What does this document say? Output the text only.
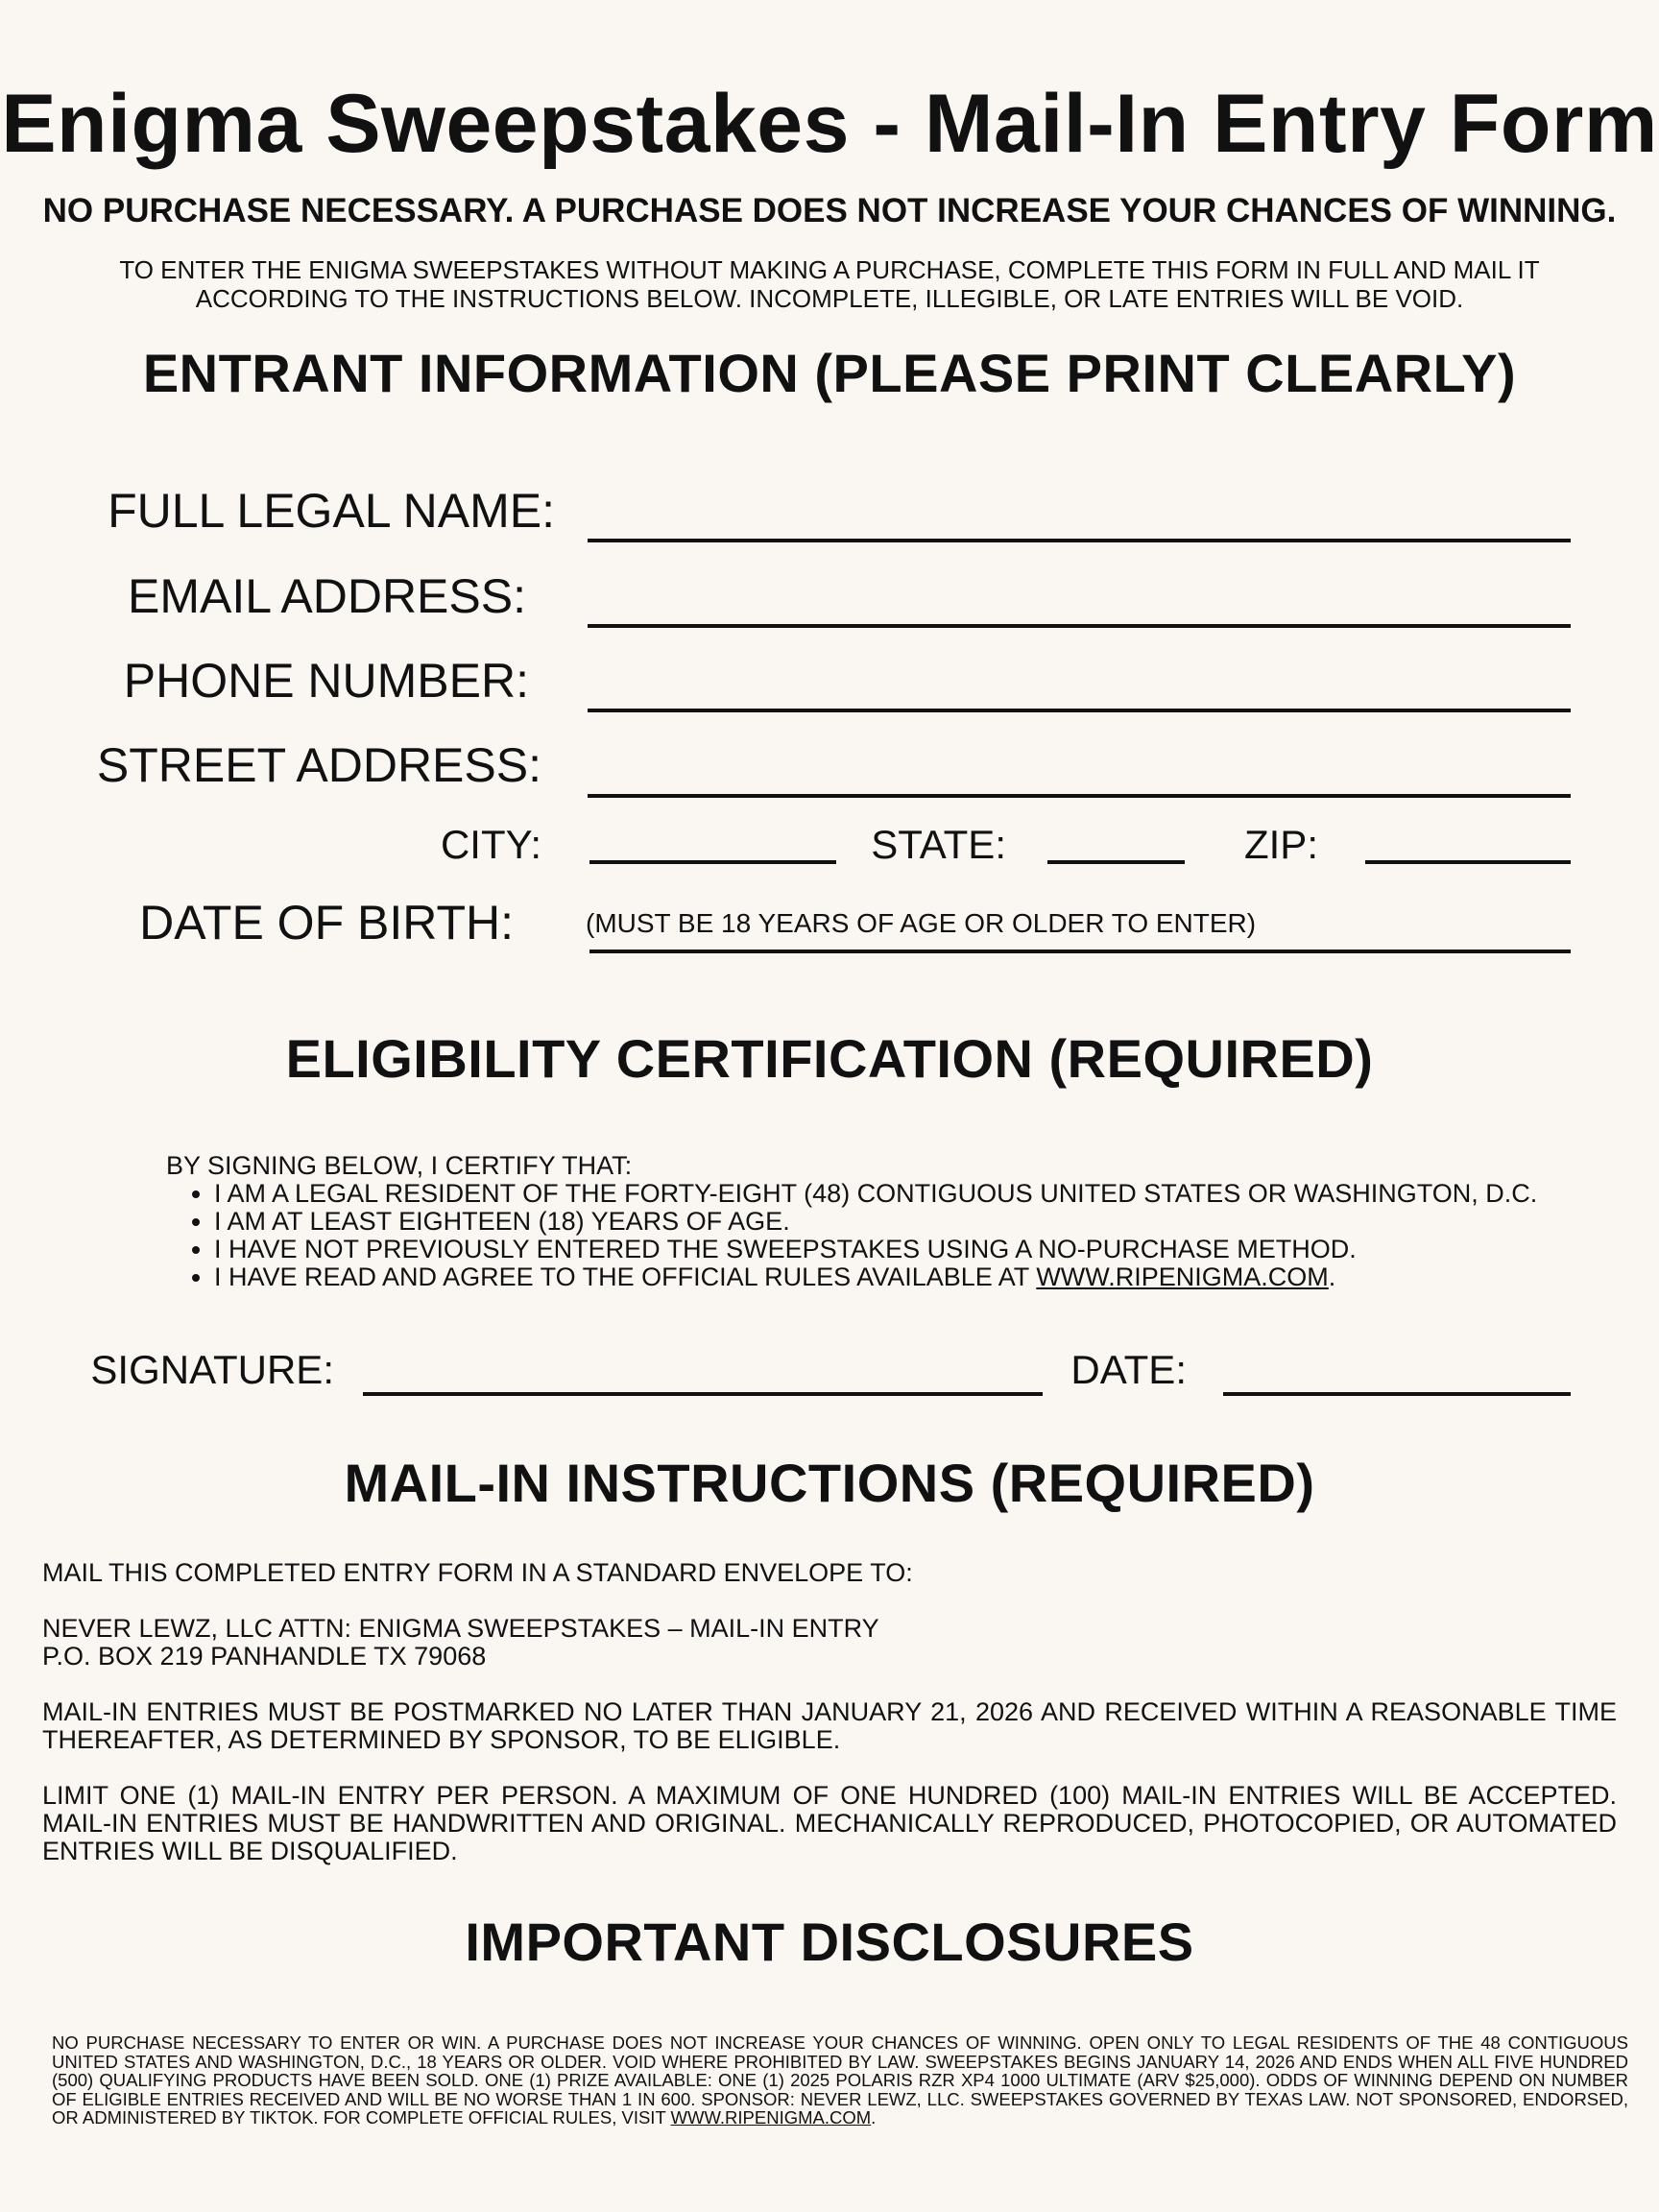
Enigma Sweepstakes - Mail-In Entry Form
NO PURCHASE NECESSARY. A PURCHASE DOES NOT INCREASE YOUR CHANCES OF WINNING.
TO ENTER THE ENIGMA SWEEPSTAKES WITHOUT MAKING A PURCHASE, COMPLETE THIS FORM IN FULL AND MAIL IT
ACCORDING TO THE INSTRUCTIONS BELOW. INCOMPLETE, ILLEGIBLE, OR LATE ENTRIES WILL BE VOID.
ENTRANT INFORMATION (PLEASE PRINT CLEARLY)
FULL LEGAL NAME:
EMAIL ADDRESS:
PHONE NUMBER:
STREET ADDRESS:
CITY:	STATE:	ZIP:
DATE OF BIRTH:	(MUST BE 18 YEARS OF AGE OR OLDER TO ENTER)
ELIGIBILITY CERTIFICATION (REQUIRED)
BY SIGNING BELOW, I CERTIFY THAT:
• I AM A LEGAL RESIDENT OF THE FORTY-EIGHT (48) CONTIGUOUS UNITED STATES OR WASHINGTON, D.C.
• I AM AT LEAST EIGHTEEN (18) YEARS OF AGE.
• I HAVE NOT PREVIOUSLY ENTERED THE SWEEPSTAKES USING A NO-PURCHASE METHOD.
• I HAVE READ AND AGREE TO THE OFFICIAL RULES AVAILABLE AT WWW.RIPENIGMA.COM.
SIGNATURE:	DATE:
MAIL-IN INSTRUCTIONS (REQUIRED)

MAIL THIS COMPLETED ENTRY FORM IN A STANDARD ENVELOPE TO:

NEVER LEWZ, LLC ATTN: ENIGMA SWEEPSTAKES – MAIL-IN ENTRY
P.O. BOX 219 PANHANDLE TX 79068

MAIL-IN ENTRIES MUST BE POSTMARKED NO LATER THAN JANUARY 21, 2026 AND RECEIVED WITHIN A REASONABLE TIME THEREAFTER, AS DETERMINED BY SPONSOR, TO BE ELIGIBLE.

LIMIT ONE (1) MAIL-IN ENTRY PER PERSON. A MAXIMUM OF ONE HUNDRED (100) MAIL-IN ENTRIES WILL BE ACCEPTED. MAIL-IN ENTRIES MUST BE HANDWRITTEN AND ORIGINAL. MECHANICALLY REPRODUCED, PHOTOCOPIED, OR AUTOMATED ENTRIES WILL BE DISQUALIFIED.

IMPORTANT DISCLOSURES
NO PURCHASE NECESSARY TO ENTER OR WIN. A PURCHASE DOES NOT INCREASE YOUR CHANCES OF WINNING. OPEN ONLY TO LEGAL RESIDENTS OF THE 48 CONTIGUOUS UNITED STATES AND WASHINGTON, D.C., 18 YEARS OR OLDER. VOID WHERE PROHIBITED BY LAW. SWEEPSTAKES BEGINS JANUARY 14, 2026 AND ENDS WHEN ALL FIVE HUNDRED (500) QUALIFYING PRODUCTS HAVE BEEN SOLD. ONE (1) PRIZE AVAILABLE: ONE (1) 2025 POLARIS RZR XP4 1000 ULTIMATE (ARV $25,000). ODDS OF WINNING DEPEND ON NUMBER OF ELIGIBLE ENTRIES RECEIVED AND WILL BE NO WORSE THAN 1 IN 600. SPONSOR: NEVER LEWZ, LLC. SWEEPSTAKES GOVERNED BY TEXAS LAW. NOT SPONSORED, ENDORSED, OR ADMINISTERED BY TIKTOK. FOR COMPLETE OFFICIAL RULES, VISIT WWW.RIPENIGMA.COM.
